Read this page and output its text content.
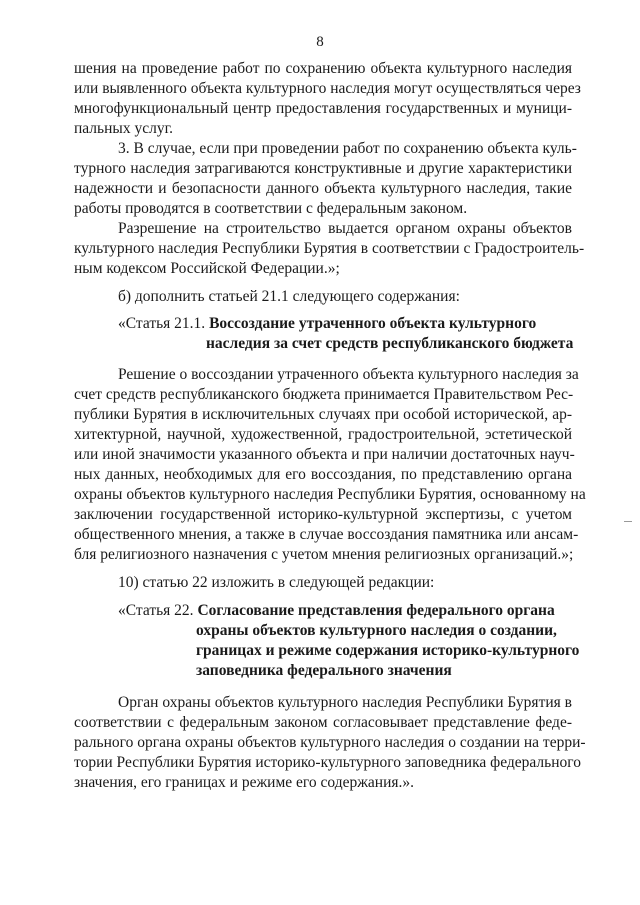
8
шения на проведение работ по сохранению объекта культурного наследия
или выявленного объекта культурного наследия могут осуществляться через
многофункциональный центр предоставления государственных и муници-
пальных услуг.
3. В случае, если при проведении работ по сохранению объекта куль-
турного наследия затрагиваются конструктивные и другие характеристики
надежности и безопасности данного объекта культурного наследия, такие
работы проводятся в соответствии с федеральным законом.
Разрешение на строительство выдается органом охраны объектов
культурного наследия Республики Бурятия в соответствии с Градостроитель-
ным кодексом Российской Федерации.»;
б) дополнить статьей 21.1 следующего содержания:
«Статья 21.1. Воссоздание утраченного объекта культурного
наследия за счет средств республиканского бюджета
Решение о воссоздании утраченного объекта культурного наследия за
счет средств республиканского бюджета принимается Правительством Рес-
публики Бурятия в исключительных случаях при особой исторической, ар-
хитектурной, научной, художественной, градостроительной, эстетической
или иной значимости указанного объекта и при наличии достаточных науч-
ных данных, необходимых для его воссоздания, по представлению органа
охраны объектов культурного наследия Республики Бурятия, основанному на
заключении государственной историко-культурной экспертизы, с учетом
общественного мнения, а также в случае воссоздания памятника или ансам-
бля религиозного назначения с учетом мнения религиозных организаций.»;
10) статью 22 изложить в следующей редакции:
«Статья 22. Согласование представления федерального органа
охраны объектов культурного наследия о создании,
границах и режиме содержания историко-культурного
заповедника федерального значения
Орган охраны объектов культурного наследия Республики Бурятия в
соответствии с федеральным законом согласовывает представление феде-
рального органа охраны объектов культурного наследия о создании на терри-
тории Республики Бурятия историко-культурного заповедника федерального
значения, его границах и режиме его содержания.».
